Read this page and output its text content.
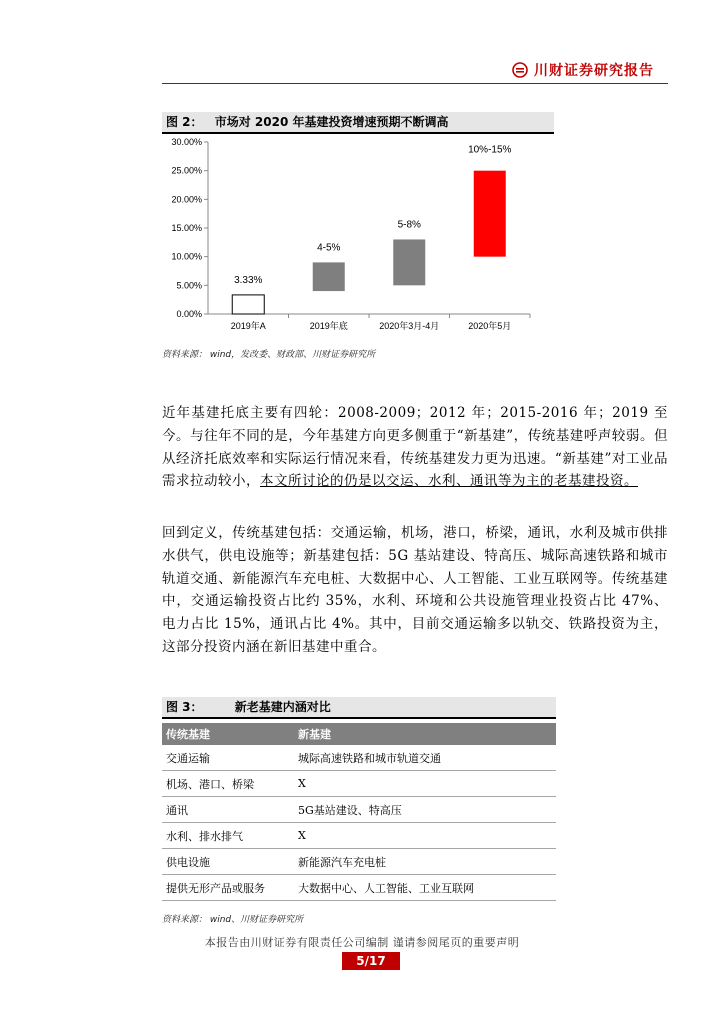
川财证券研究报告
图 2： 市场对 2020 年基建投资增速预期不断调高
0.00%
5.00%
10.00%
15.00%
20.00%
25.00%
30.00%
2019年A
3.33%
2019年底
4-5%
2020年3月-4月
5-8%
2020年5月
10%-15%
资料来源： wind，发改委、财政部、川财证券研究所
近年基建托底主要有四轮：2008-2009；2012 年；2015-2016 年；2019 至今。与往年不同的是，今年基建方向更多侧重于“新基建”，传统基建呼声较弱。但从经济托底效率和实际运行情况来看，传统基建发力更为迅速。“新基建”对工业品需求拉动较小，本文所讨论的仍是以交运、水利、通讯等为主的老基建投资。
回到定义，传统基建包括：交通运输，机场，港口，桥梁，通讯，水利及城市供排水供气，供电设施等；新基建包括：5G 基站建设、特高压、城际高速铁路和城市轨道交通、新能源汽车充电桩、大数据中心、人工智能、工业互联网等。传统基建中，交通运输投资占比约 35%，水利、环境和公共设施管理业投资占比 47%、电力占比 15%，通讯占比 4%。其中，目前交通运输多以轨交、铁路投资为主，这部分投资内涵在新旧基建中重合。
图 3：	新老基建内涵对比
传统基建	新基建
交通运输	城际高速铁路和城市轨道交通
机场、港口、桥梁	X
通讯	5G基站建设、特高压
水利、排水排气	X
供电设施	新能源汽车充电桩
提供无形产品或服务	大数据中心、人工智能、工业互联网
资料来源： wind、川财证券研究所
本报告由川财证券有限责任公司编制 谨请参阅尾页的重要声明
5/17
